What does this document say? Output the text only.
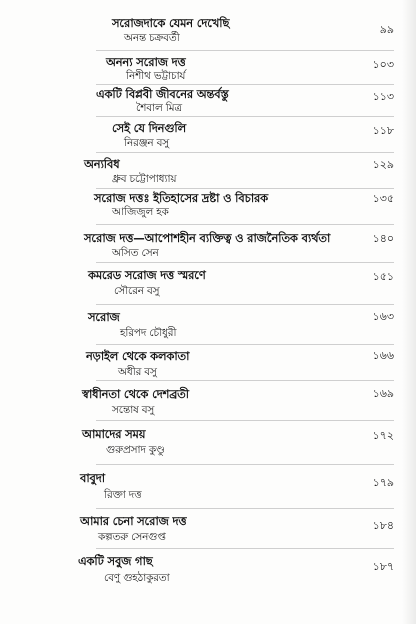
সরোজদাকে যেমন দেখেছি
অনন্ত চক্রবর্তী
৯৯
অনন্য সরোজ দত্ত
নিশীথ ভট্টাচার্য
১০৩
একটি বিপ্লবী জীবনের অন্তর্বস্তু
শৈবাল মিত্র
১১৩
সেই যে দিনগুলি
নিরঞ্জন বসু
১১৮
অন্যবিধ
ধ্রুব চট্টোপাধ্যায়
১২৯
সরোজ দত্তঃ ইতিহাসের দ্রষ্টা ও বিচারক
আজিজুল হক
১৩৫
সরোজ দত্ত—আপোশহীন ব্যক্তিত্ব ও রাজনৈতিক ব্যর্থতা
অসিত সেন
১৪০
কমরেড সরোজ দত্ত স্মরণে
সৌরেন বসু
১৫১
সরোজ
হরিপদ চৌধুরী
১৬৩
নড়াইল থেকে কলকাতা
অধীর বসু
১৬৬
স্বাধীনতা থেকে দেশব্রতী
সন্তোষ বসু
১৬৯
আমাদের সময়
গুরুপ্রসাদ কুণ্ডু
১৭২
বাবুদা
রিক্তা দত্ত
১৭৯
আমার চেনা সরোজ দত্ত
কল্পতরু সেনগুপ্ত
১৮৪
একটি সবুজ গাছ
বেণু গুহঠাকুরতা
১৮৭
